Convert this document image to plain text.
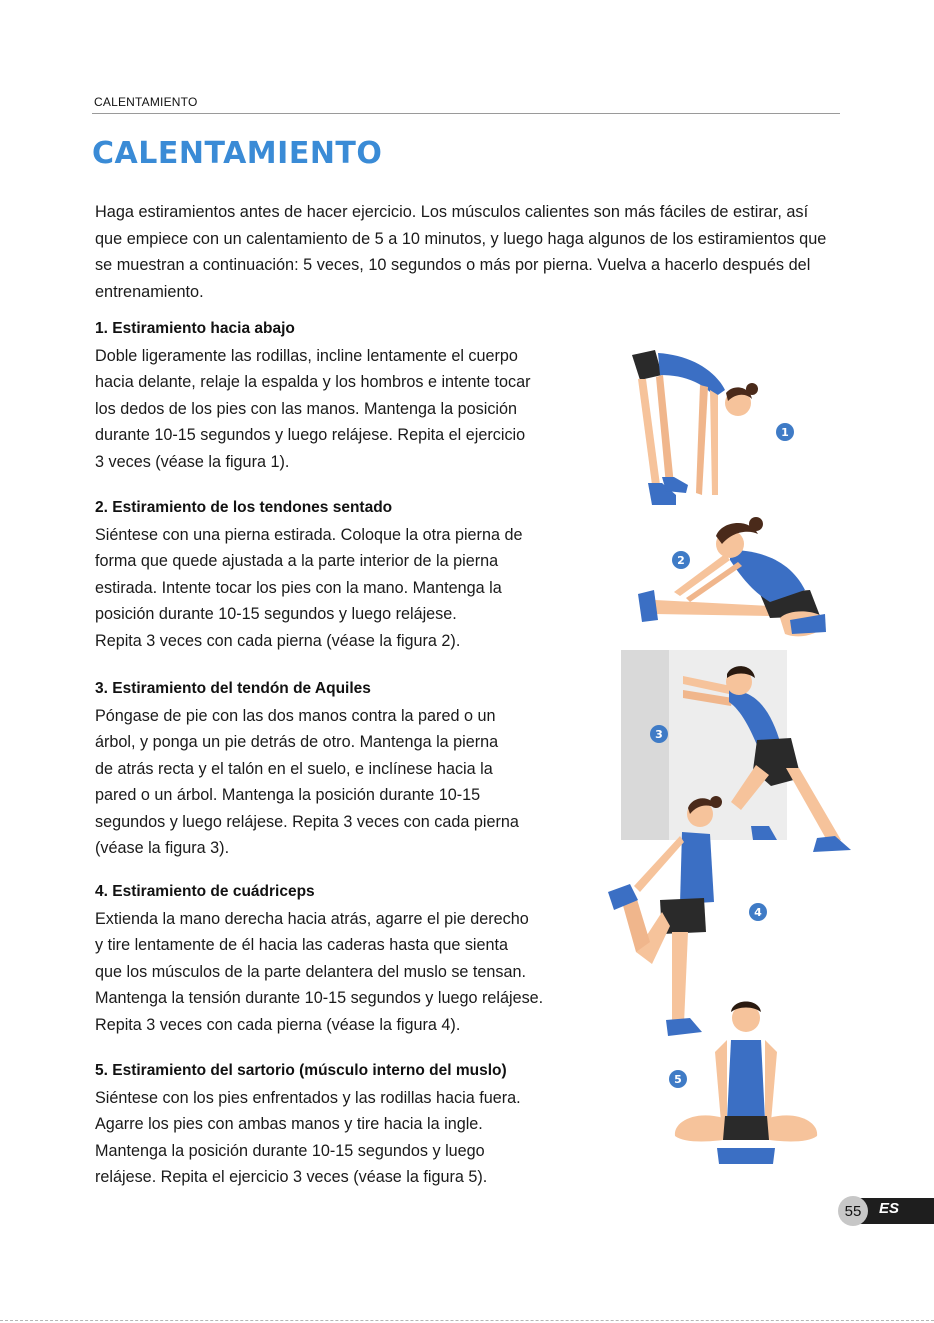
CALENTAMIENTO
CALENTAMIENTO

Haga estiramientos antes de hacer ejercicio. Los músculos calientes son más fáciles de estirar, así que empiece con un calentamiento de 5 a 10 minutos, y luego haga algunos de los estiramientos que se muestran a continuación: 5 veces, 10 segundos o más por pierna. Vuelva a hacerlo después del entrenamiento.

1. Estiramiento hacia abajo

Doble ligeramente las rodillas, incline lentamente el cuerpo
hacia delante, relaje la espalda y los hombros e intente tocar
los dedos de los pies con las manos. Mantenga la posición
durante 10-15 segundos y luego relájese. Repita el ejercicio
3 veces (véase la figura 1).

2. Estiramiento de los tendones sentado

Siéntese con una pierna estirada. Coloque la otra pierna de
forma que quede ajustada a la parte interior de la pierna
estirada. Intente tocar los pies con la mano. Mantenga la
posición durante 10-15 segundos y luego relájese.
Repita 3 veces con cada pierna (véase la figura 2).

3. Estiramiento del tendón de Aquiles

Póngase de pie con las dos manos contra la pared o un
árbol, y ponga un pie detrás de otro. Mantenga la pierna
de atrás recta y el talón en el suelo, e inclínese hacia la
pared o un árbol. Mantenga la posición durante 10-15
segundos y luego relájese. Repita 3 veces con cada pierna
(véase la figura 3).

4. Estiramiento de cuádriceps

Extienda la mano derecha hacia atrás, agarre el pie derecho
y tire lentamente de él hacia las caderas hasta que sienta
que los músculos de la parte delantera del muslo se tensan.
Mantenga la tensión durante 10-15 segundos y luego relájese.
Repita 3 veces con cada pierna (véase la figura 4).

5. Estiramiento del sartorio (músculo interno del muslo)

Siéntese con los pies enfrentados y las rodillas hacia fuera.
Agarre los pies con ambas manos y tire hacia la ingle.
Mantenga la posición durante 10-15 segundos y luego
relájese. Repita el ejercicio 3 veces (véase la figura 5).

1
2
3
4
5
55	ES
